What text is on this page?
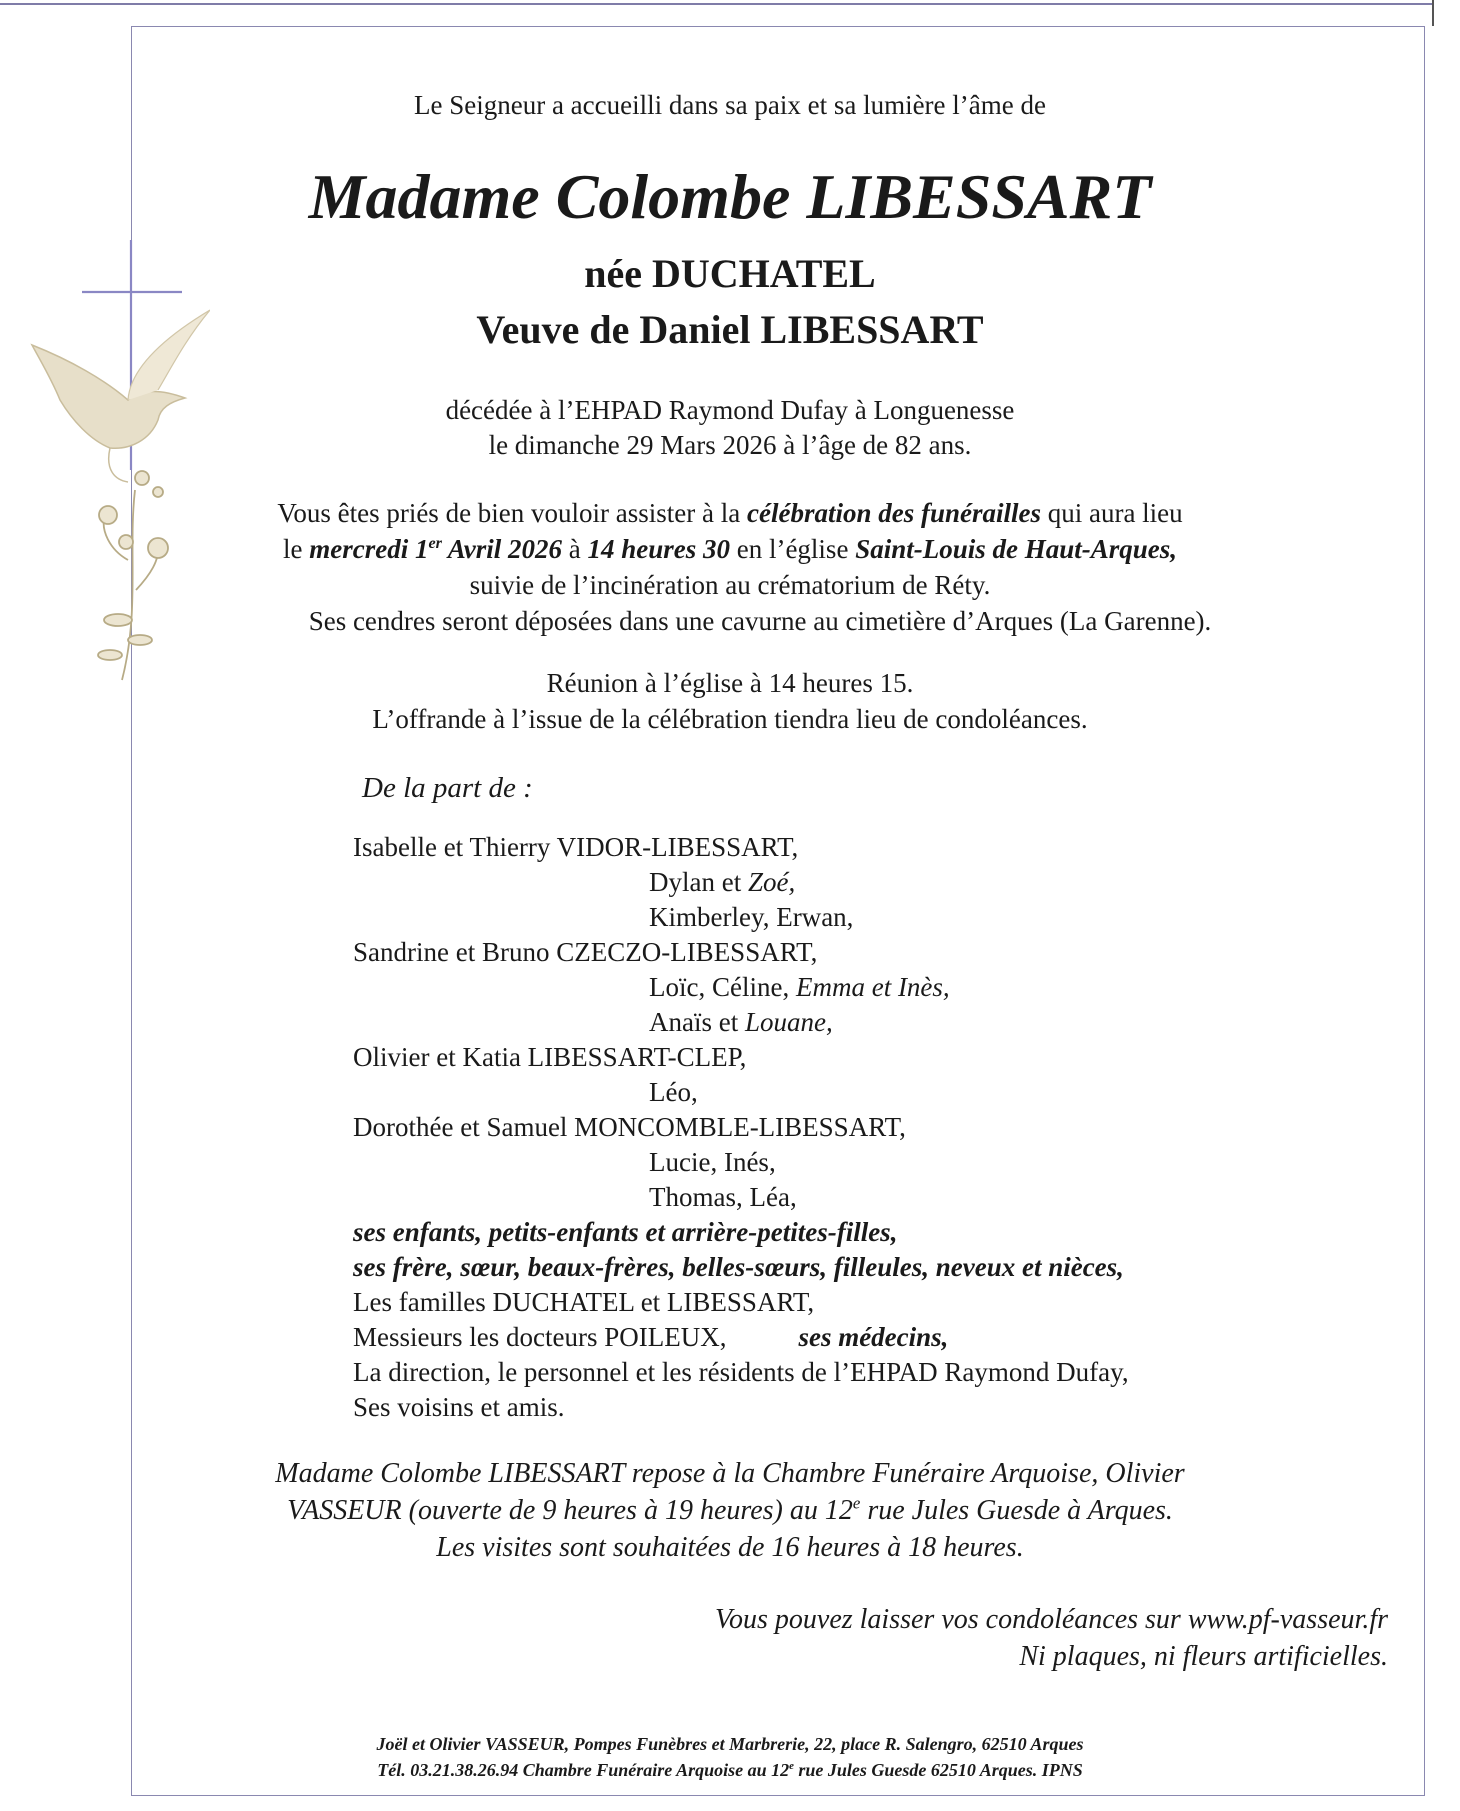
Le Seigneur a accueilli dans sa paix et sa lumière l’âme de
Madame Colombe LIBESSART
née DUCHATEL
Veuve de Daniel LIBESSART
décédée à l’EHPAD Raymond Dufay à Longuenesse
le dimanche 29 Mars 2026 à l’âge de 82 ans.
Vous êtes priés de bien vouloir assister à la célébration des funérailles qui aura lieu
le mercredi 1er Avril 2026 à 14 heures 30 en l’église Saint-Louis de Haut-Arques,
suivie de l’incinération au crématorium de Réty.
Ses cendres seront déposées dans une cavurne au cimetière d’Arques (La Garenne).
Réunion à l’église à 14 heures 15.
L’offrande à l’issue de la célébration tiendra lieu de condoléances.
De la part de :
Isabelle et Thierry VIDOR-LIBESSART,
Dylan et Zoé,
Kimberley, Erwan,
Sandrine et Bruno CZECZO-LIBESSART,
Loïc, Céline, Emma et Inès,
Anaïs et Louane,
Olivier et Katia LIBESSART-CLEP,
Léo,
Dorothée et Samuel MONCOMBLE-LIBESSART,
Lucie, Inés,
Thomas, Léa,
ses enfants, petits-enfants et arrière-petites-filles,
ses frère, sœur, beaux-frères, belles-sœurs, filleules, neveux et nièces,
Les familles DUCHATEL et LIBESSART,
Messieurs les docteurs POILEUX,	ses médecins,
La direction, le personnel et les résidents de l’EHPAD Raymond Dufay,
Ses voisins et amis.
Madame Colombe LIBESSART repose à la Chambre Funéraire Arquoise, Olivier
VASSEUR (ouverte de 9 heures à 19 heures) au 12e rue Jules Guesde à Arques.
Les visites sont souhaitées de 16 heures à 18 heures.
Vous pouvez laisser vos condoléances sur www.pf-vasseur.fr
Ni plaques, ni fleurs artificielles.
Joël et Olivier VASSEUR, Pompes Funèbres et Marbrerie, 22, place R. Salengro, 62510 Arques
Tél. 03.21.38.26.94 Chambre Funéraire Arquoise au 12e rue Jules Guesde 62510 Arques. IPNS
